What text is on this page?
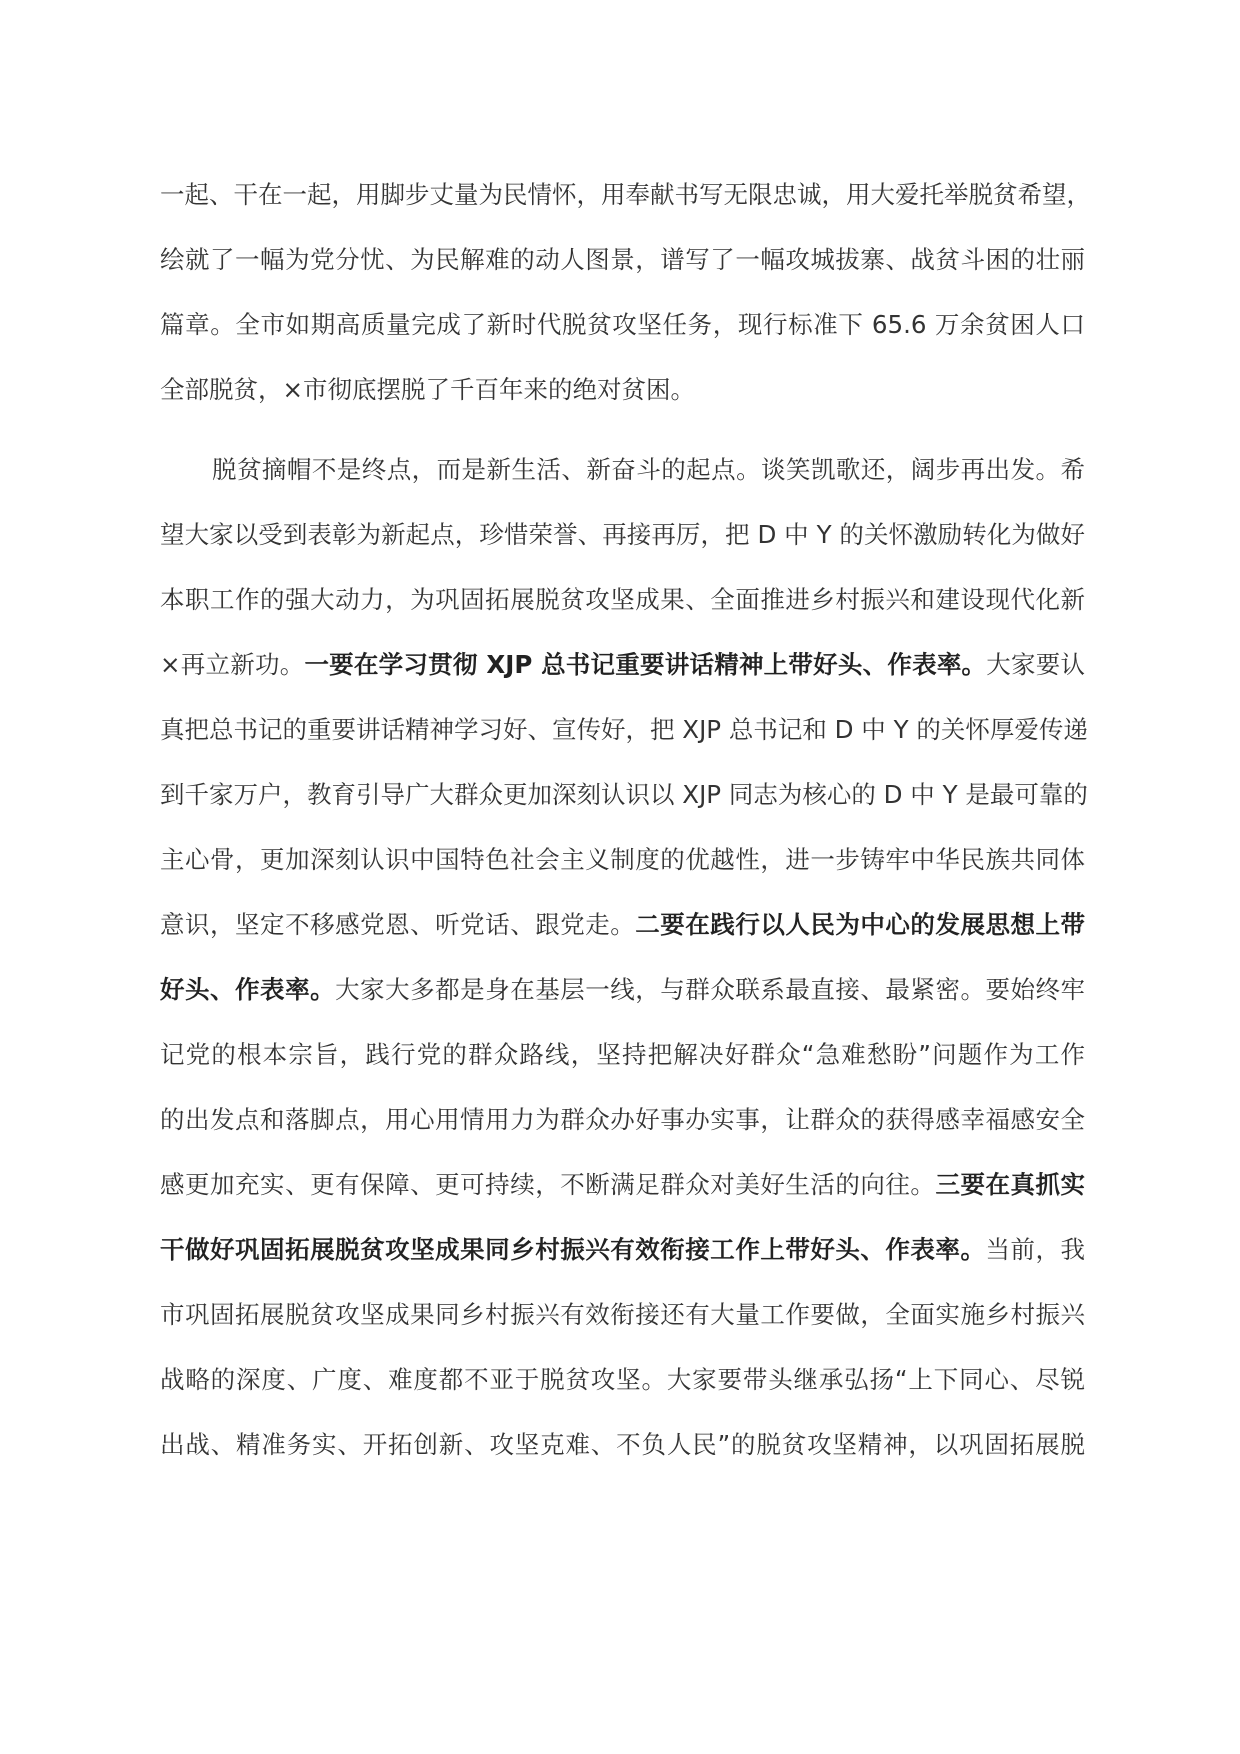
一起、干在一起，用脚步丈量为民情怀，用奉献书写无限忠诚，用大爱托举脱贫希望，
绘就了一幅为党分忧、为民解难的动人图景，谱写了一幅攻城拔寨、战贫斗困的壮丽
篇章。全市如期高质量完成了新时代脱贫攻坚任务，现行标准下 65.6 万余贫困人口
全部脱贫，×市彻底摆脱了千百年来的绝对贫困。
脱贫摘帽不是终点，而是新生活、新奋斗的起点。谈笑凯歌还，阔步再出发。希
望大家以受到表彰为新起点，珍惜荣誉、再接再厉，把 D 中 Y 的关怀激励转化为做好
本职工作的强大动力，为巩固拓展脱贫攻坚成果、全面推进乡村振兴和建设现代化新
×再立新功。一要在学习贯彻 XJP 总书记重要讲话精神上带好头、作表率。大家要认
真把总书记的重要讲话精神学习好、宣传好，把 XJP 总书记和 D 中 Y 的关怀厚爱传递
到千家万户，教育引导广大群众更加深刻认识以 XJP 同志为核心的 D 中 Y 是最可靠的
主心骨，更加深刻认识中国特色社会主义制度的优越性，进一步铸牢中华民族共同体
意识，坚定不移感党恩、听党话、跟党走。二要在践行以人民为中心的发展思想上带
好头、作表率。大家大多都是身在基层一线，与群众联系最直接、最紧密。要始终牢
记党的根本宗旨，践行党的群众路线，坚持把解决好群众“急难愁盼”问题作为工作
的出发点和落脚点，用心用情用力为群众办好事办实事，让群众的获得感幸福感安全
感更加充实、更有保障、更可持续，不断满足群众对美好生活的向往。三要在真抓实
干做好巩固拓展脱贫攻坚成果同乡村振兴有效衔接工作上带好头、作表率。当前，我
市巩固拓展脱贫攻坚成果同乡村振兴有效衔接还有大量工作要做，全面实施乡村振兴
战略的深度、广度、难度都不亚于脱贫攻坚。大家要带头继承弘扬“上下同心、尽锐
出战、精准务实、开拓创新、攻坚克难、不负人民”的脱贫攻坚精神，以巩固拓展脱
